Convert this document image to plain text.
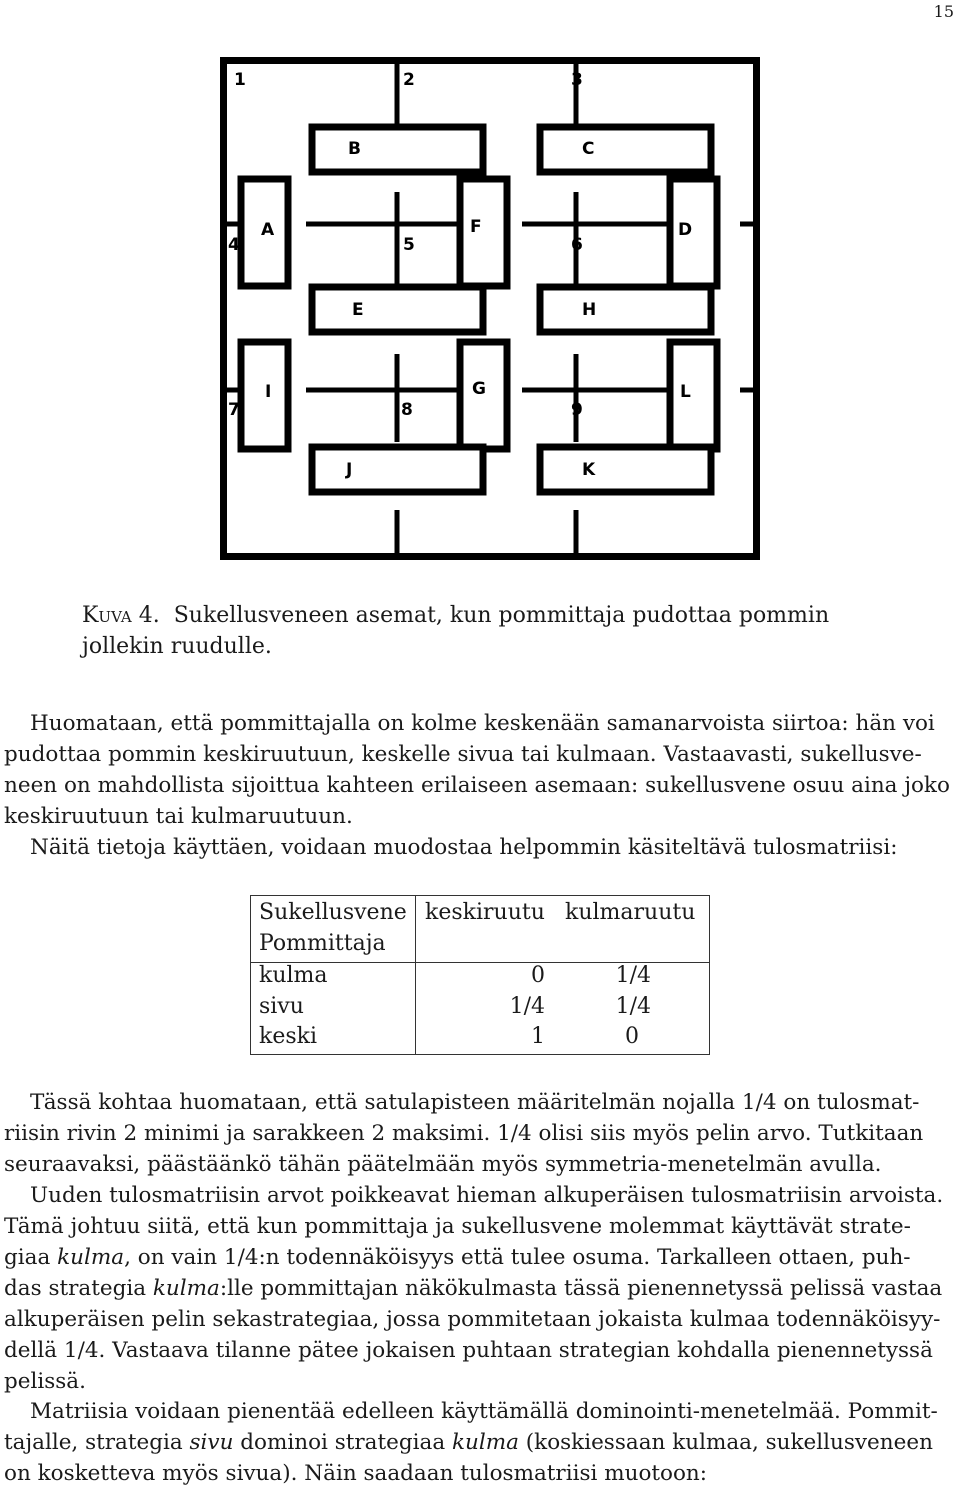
15
B	C
A	F	D
E	H
I	G	L
J	K
1	2	3
4	5	6
7	8	9
Kuva 4. Sukellusveneen asemat, kun pommittaja pudottaa pommin
jollekin ruudulle.
Huomataan, että pommittajalla on kolme keskenään samanarvoista siirtoa: hän voi
pudottaa pommin keskiruutuun, keskelle sivua tai kulmaan. Vastaavasti, sukellusve-
neen on mahdollista sijoittua kahteen erilaiseen asemaan: sukellusvene osuu aina joko
keskiruutuun tai kulmaruutuun.
Näitä tietoja käyttäen, voidaan muodostaa helpommin käsiteltävä tulosmatriisi:
Sukellusvene
Pommittaja
keskiruutu kulmaruutu
kulma	0	1/4
sivu	1/4	1/4
keski	1	0
Tässä kohtaa huomataan, että satulapisteen määritelmän nojalla 1/4 on tulosmat-
riisin rivin 2 minimi ja sarakkeen 2 maksimi. 1/4 olisi siis myös pelin arvo. Tutkitaan
seuraavaksi, päästäänkö tähän päätelmään myös symmetria-menetelmän avulla.
Uuden tulosmatriisin arvot poikkeavat hieman alkuperäisen tulosmatriisin arvoista.
Tämä johtuu siitä, että kun pommittaja ja sukellusvene molemmat käyttävät strate-
giaa kulma, on vain 1/4:n todennäköisyys että tulee osuma. Tarkalleen ottaen, puh-
das strategia kulma:lle pommittajan näkökulmasta tässä pienennetyssä pelissä vastaa
alkuperäisen pelin sekastrategiaa, jossa pommitetaan jokaista kulmaa todennäköisyy-
dellä 1/4. Vastaava tilanne pätee jokaisen puhtaan strategian kohdalla pienennetyssä
pelissä.
Matriisia voidaan pienentää edelleen käyttämällä dominointi-menetelmää. Pommit-
tajalle, strategia sivu dominoi strategiaa kulma (koskiessaan kulmaa, sukellusveneen
on kosketteva myös sivua). Näin saadaan tulosmatriisi muotoon:
